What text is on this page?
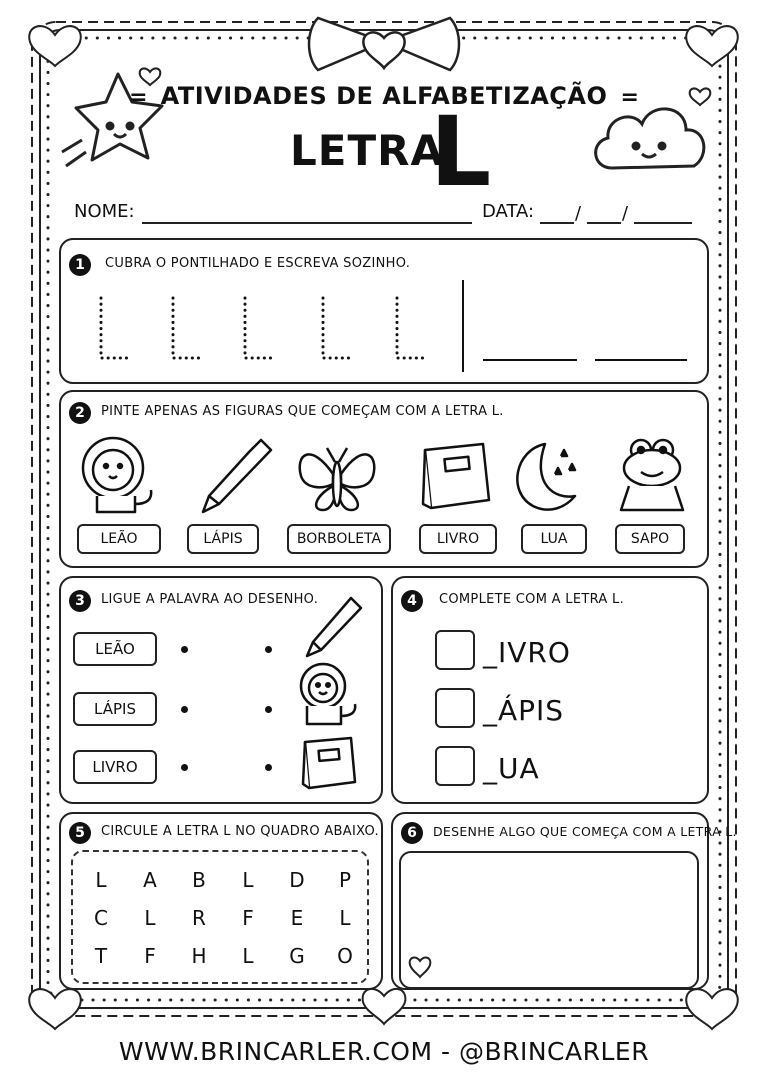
= ATIVIDADES DE ALFABETIZAÇÃO =
LETRA
L
NOME:	DATA: / /
1	CUBRA O PONTILHADO E ESCREVA SOZINHO.
2	PINTE APENAS AS FIGURAS QUE COMEÇAM COM A LETRA L.
LEÃO	LÁPIS	BORBOLETA	LIVRO	LUA	SAPO
3	LIGUE A PALAVRA AO DESENHO.
LEÃO
LÁPIS
LIVRO
4	COMPLETE COM A LETRA L.
_IVRO
_ÁPIS
_UA
5	CIRCULE A LETRA L NO QUADRO ABAIXO.
L	A	B	L	D	P
C	L	R	F	E	L
T	F	H	L	G	O
6	DESENHE ALGO QUE COMEÇA COM A LETRA L.
WWW.BRINCARLER.COM - @BRINCARLER
